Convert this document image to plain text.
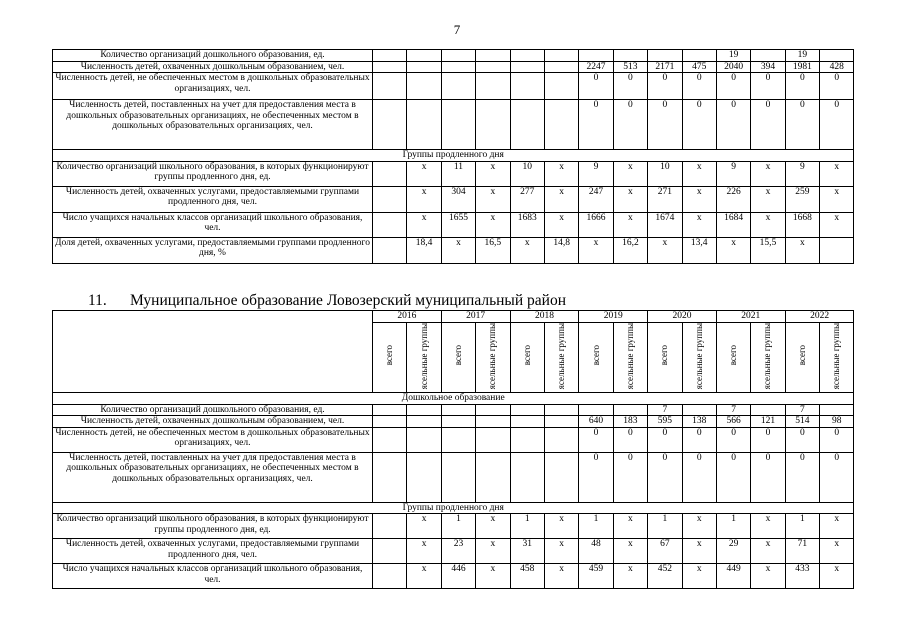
7
Количество организаций дошкольного образования, ед.											19		19	
Численность детей, охваченных дошкольным образованием, чел.							2247	513	2171	475	2040	394	1981	428
Численность детей, не обеспеченных местом в дошкольных образовательных организациях, чел.							0	0	0	0	0	0	0	0
Численность детей, поставленных на учет для предоставления места в дошкольных образовательных организациях, не обеспеченных местом в дошкольных образовательных организациях, чел.							0	0	0	0	0	0	0	0
Группы продленного дня														
Количество организаций школьного образования, в которых функционируют группы продленного дня, ед.		х	11	х	10	х	9	х	10	х	9	х	9	х
Численность детей, охваченных услугами, предоставляемыми группами продленного дня, чел.		х	304	х	277	х	247	х	271	х	226	х	259	х
Число учащихся начальных классов организаций школьного образования, чел.		х	1655	х	1683	х	1666	х	1674	х	1684	х	1668	х
Доля детей, охваченных услугами, предоставляемыми группами продленного дня, %		18,4	х	16,5	х	14,8	х	16,2	х	13,4	х	15,5	х	
11. Муниципальное образование Ловозерский муниципальный район
	2016		2017		2018		2019		2020		2021		2022	
	всего	ясельные группы	всего	ясельные группы	всего	ясельные группы	всего	ясельные группы	всего	ясельные группы	всего	ясельные группы	всего	ясельные группы
Дошкольное образование														
Количество организаций дошкольного образования, ед.									7		7		7	
Численность детей, охваченных дошкольным образованием, чел.							640	183	595	138	566	121	514	98
Численность детей, не обеспеченных местом в дошкольных образовательных организациях, чел.							0	0	0	0	0	0	0	0
Численность детей, поставленных на учет для предоставления места в дошкольных образовательных организациях, не обеспеченных местом в дошкольных образовательных организациях, чел.							0	0	0	0	0	0	0	0
Группы продленного дня														
Количество организаций школьного образования, в которых функционируют группы продленного дня, ед.		х	1	х	1	х	1	х	1	х	1	х	1	х
Численность детей, охваченных услугами, предоставляемыми группами продленного дня, чел.		х	23	х	31	х	48	х	67	х	29	х	71	х
Число учащихся начальных классов организаций школьного образования, чел.		х	446	х	458	х	459	х	452	х	449	х	433	х
